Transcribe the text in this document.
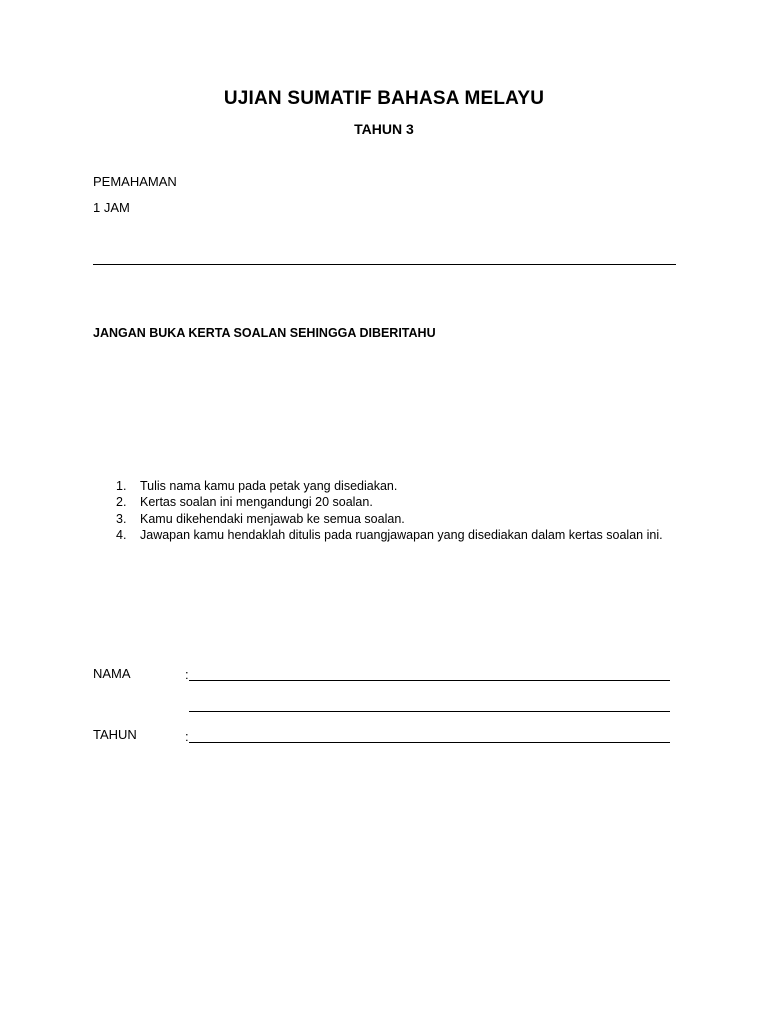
UJIAN SUMATIF BAHASA MELAYU
TAHUN 3
PEMAHAMAN
1 JAM
JANGAN BUKA KERTA SOALAN SEHINGGA DIBERITAHU
1. Tulis nama kamu pada petak yang disediakan.
2. Kertas soalan ini mengandungi 20 soalan.
3. Kamu dikehendaki menjawab ke semua soalan.
4. Jawapan kamu hendaklah ditulis pada ruangjawapan yang disediakan dalam kertas soalan ini.
NAMA	:
TAHUN	:
